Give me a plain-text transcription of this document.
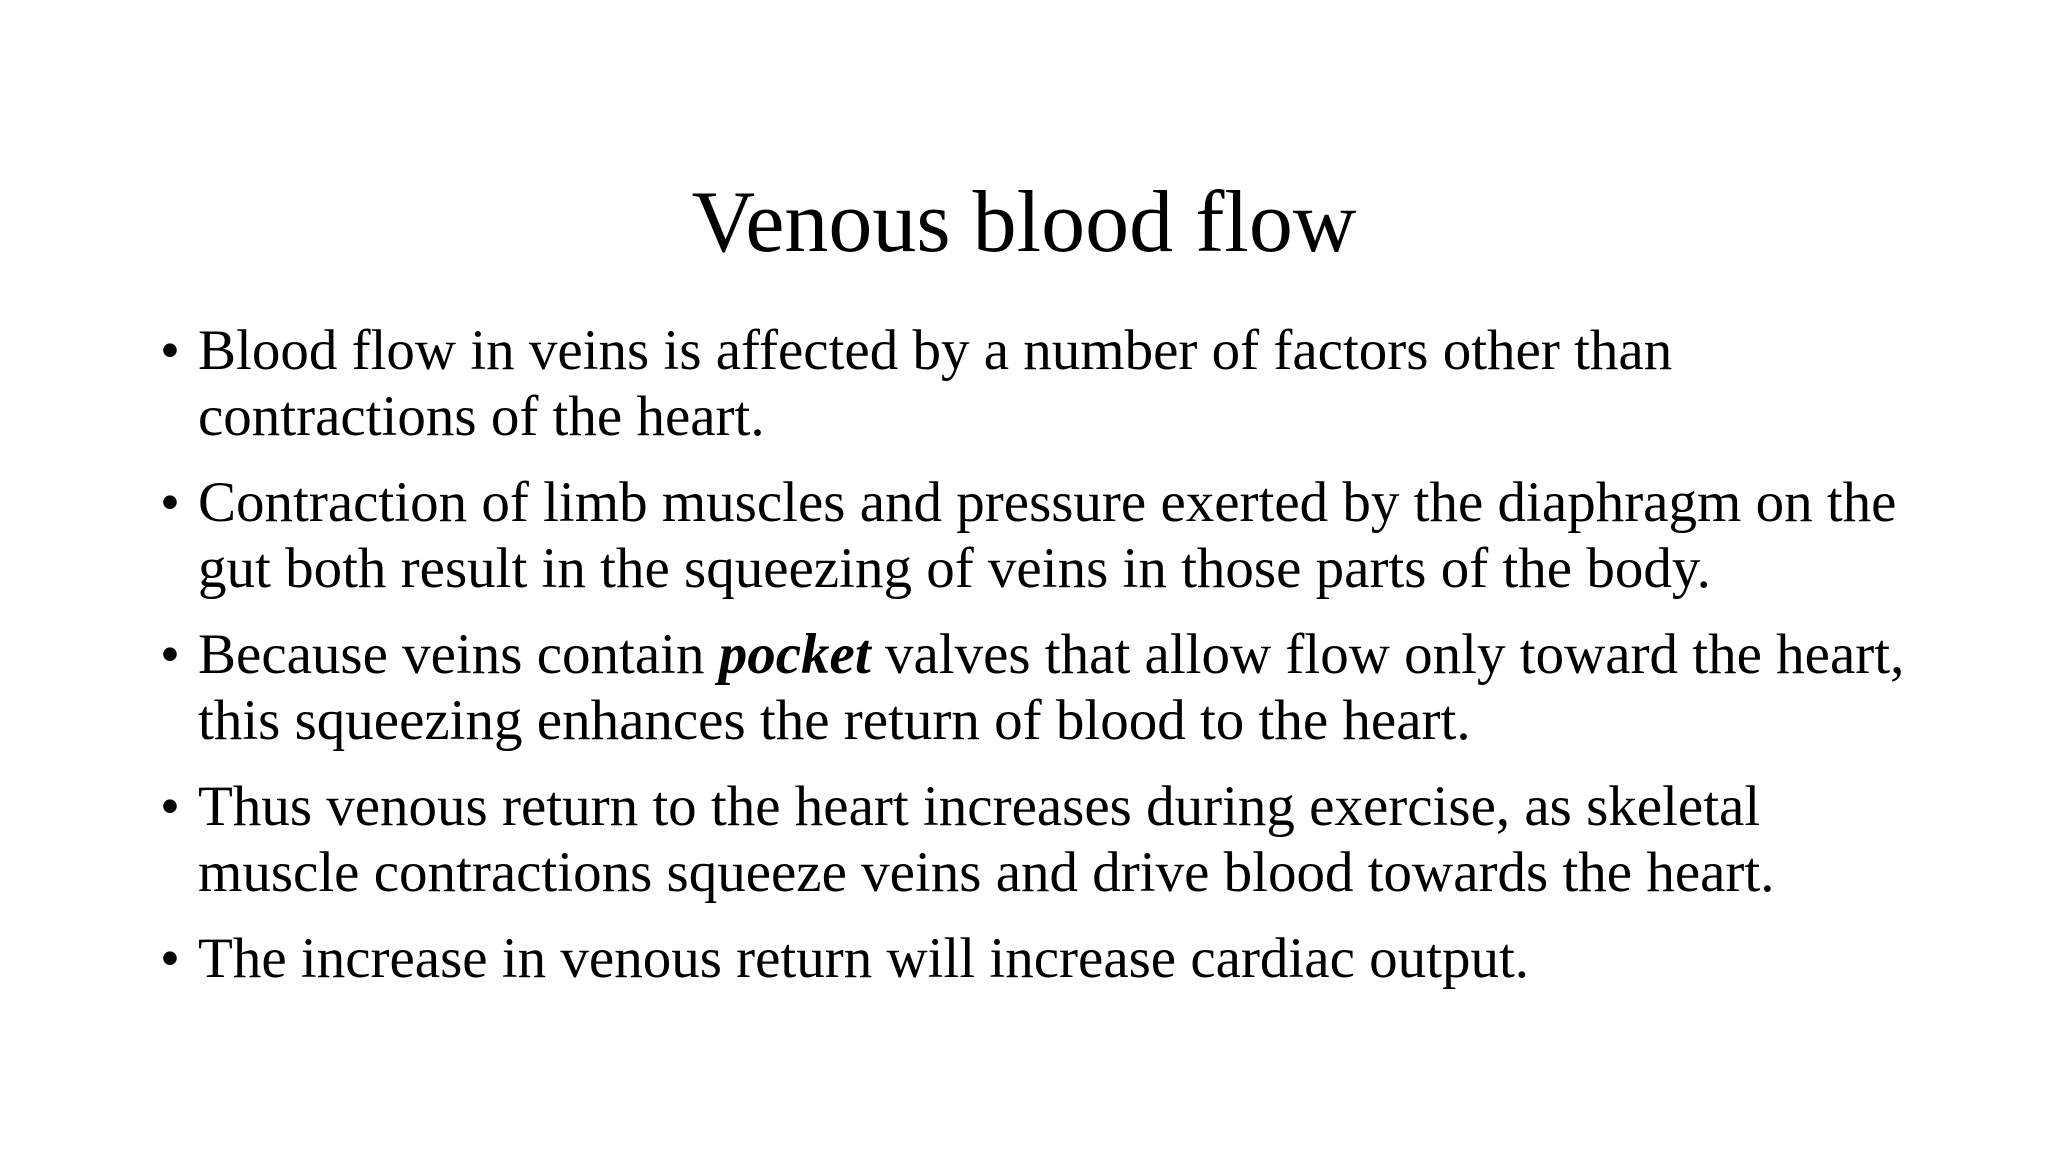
Venous blood flow
• Blood flow in veins is affected by a number of factors other than contractions of the heart.
• Contraction of limb muscles and pressure exerted by the diaphragm on the gut both result in the squeezing of veins in those parts of the body.
• Because veins contain pocket valves that allow flow only toward the heart, this squeezing enhances the return of blood to the heart.
• Thus venous return to the heart increases during exercise, as skeletal muscle contractions squeeze veins and drive blood towards the heart.
• The increase in venous return will increase cardiac output.
